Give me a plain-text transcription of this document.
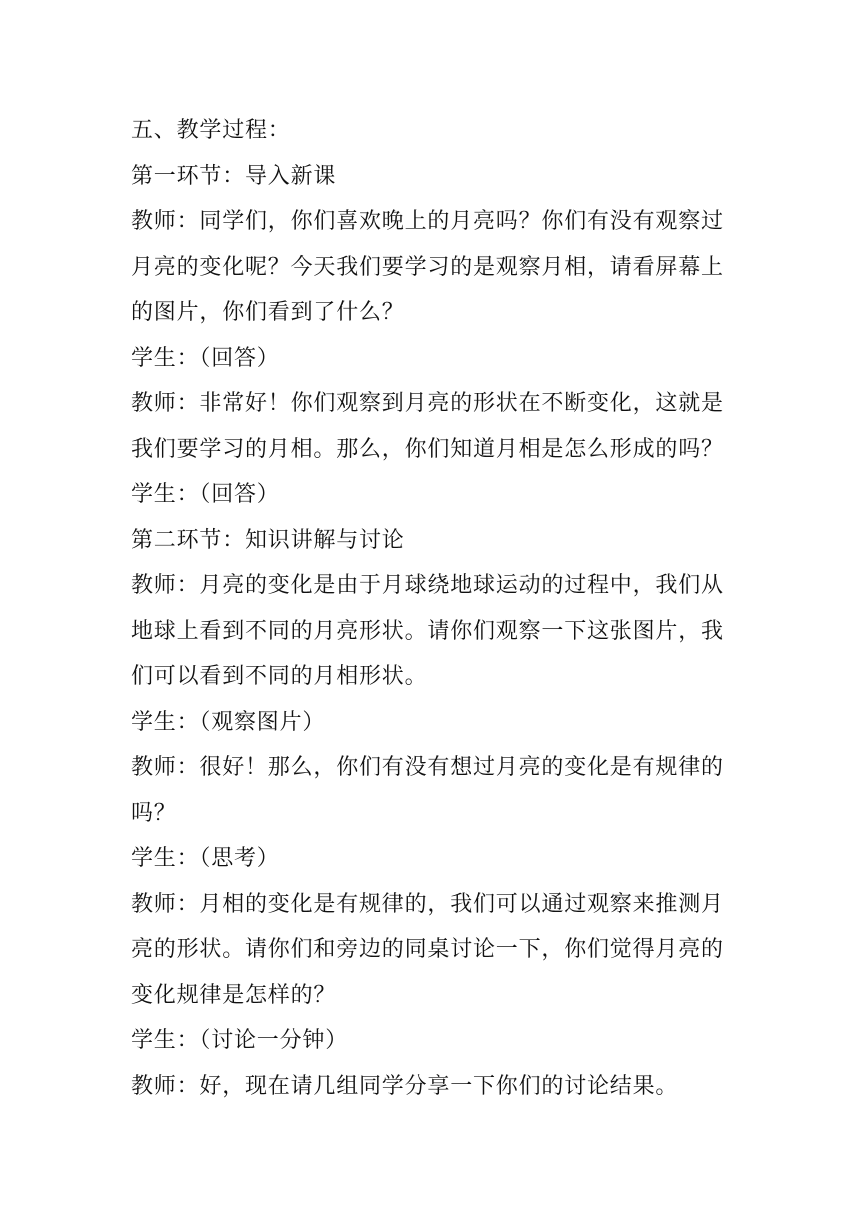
五、教学过程：
第一环节：导入新课
教师：同学们，你们喜欢晚上的月亮吗？你们有没有观察过
月亮的变化呢？今天我们要学习的是观察月相，请看屏幕上
的图片，你们看到了什么？
学生：（回答）
教师：非常好！你们观察到月亮的形状在不断变化，这就是
我们要学习的月相。那么，你们知道月相是怎么形成的吗？
学生：（回答）
第二环节：知识讲解与讨论
教师：月亮的变化是由于月球绕地球运动的过程中，我们从
地球上看到不同的月亮形状。请你们观察一下这张图片，我
们可以看到不同的月相形状。
学生：（观察图片）
教师：很好！那么，你们有没有想过月亮的变化是有规律的
吗？
学生：（思考）
教师：月相的变化是有规律的，我们可以通过观察来推测月
亮的形状。请你们和旁边的同桌讨论一下，你们觉得月亮的
变化规律是怎样的？
学生：（讨论一分钟）
教师：好，现在请几组同学分享一下你们的讨论结果。
